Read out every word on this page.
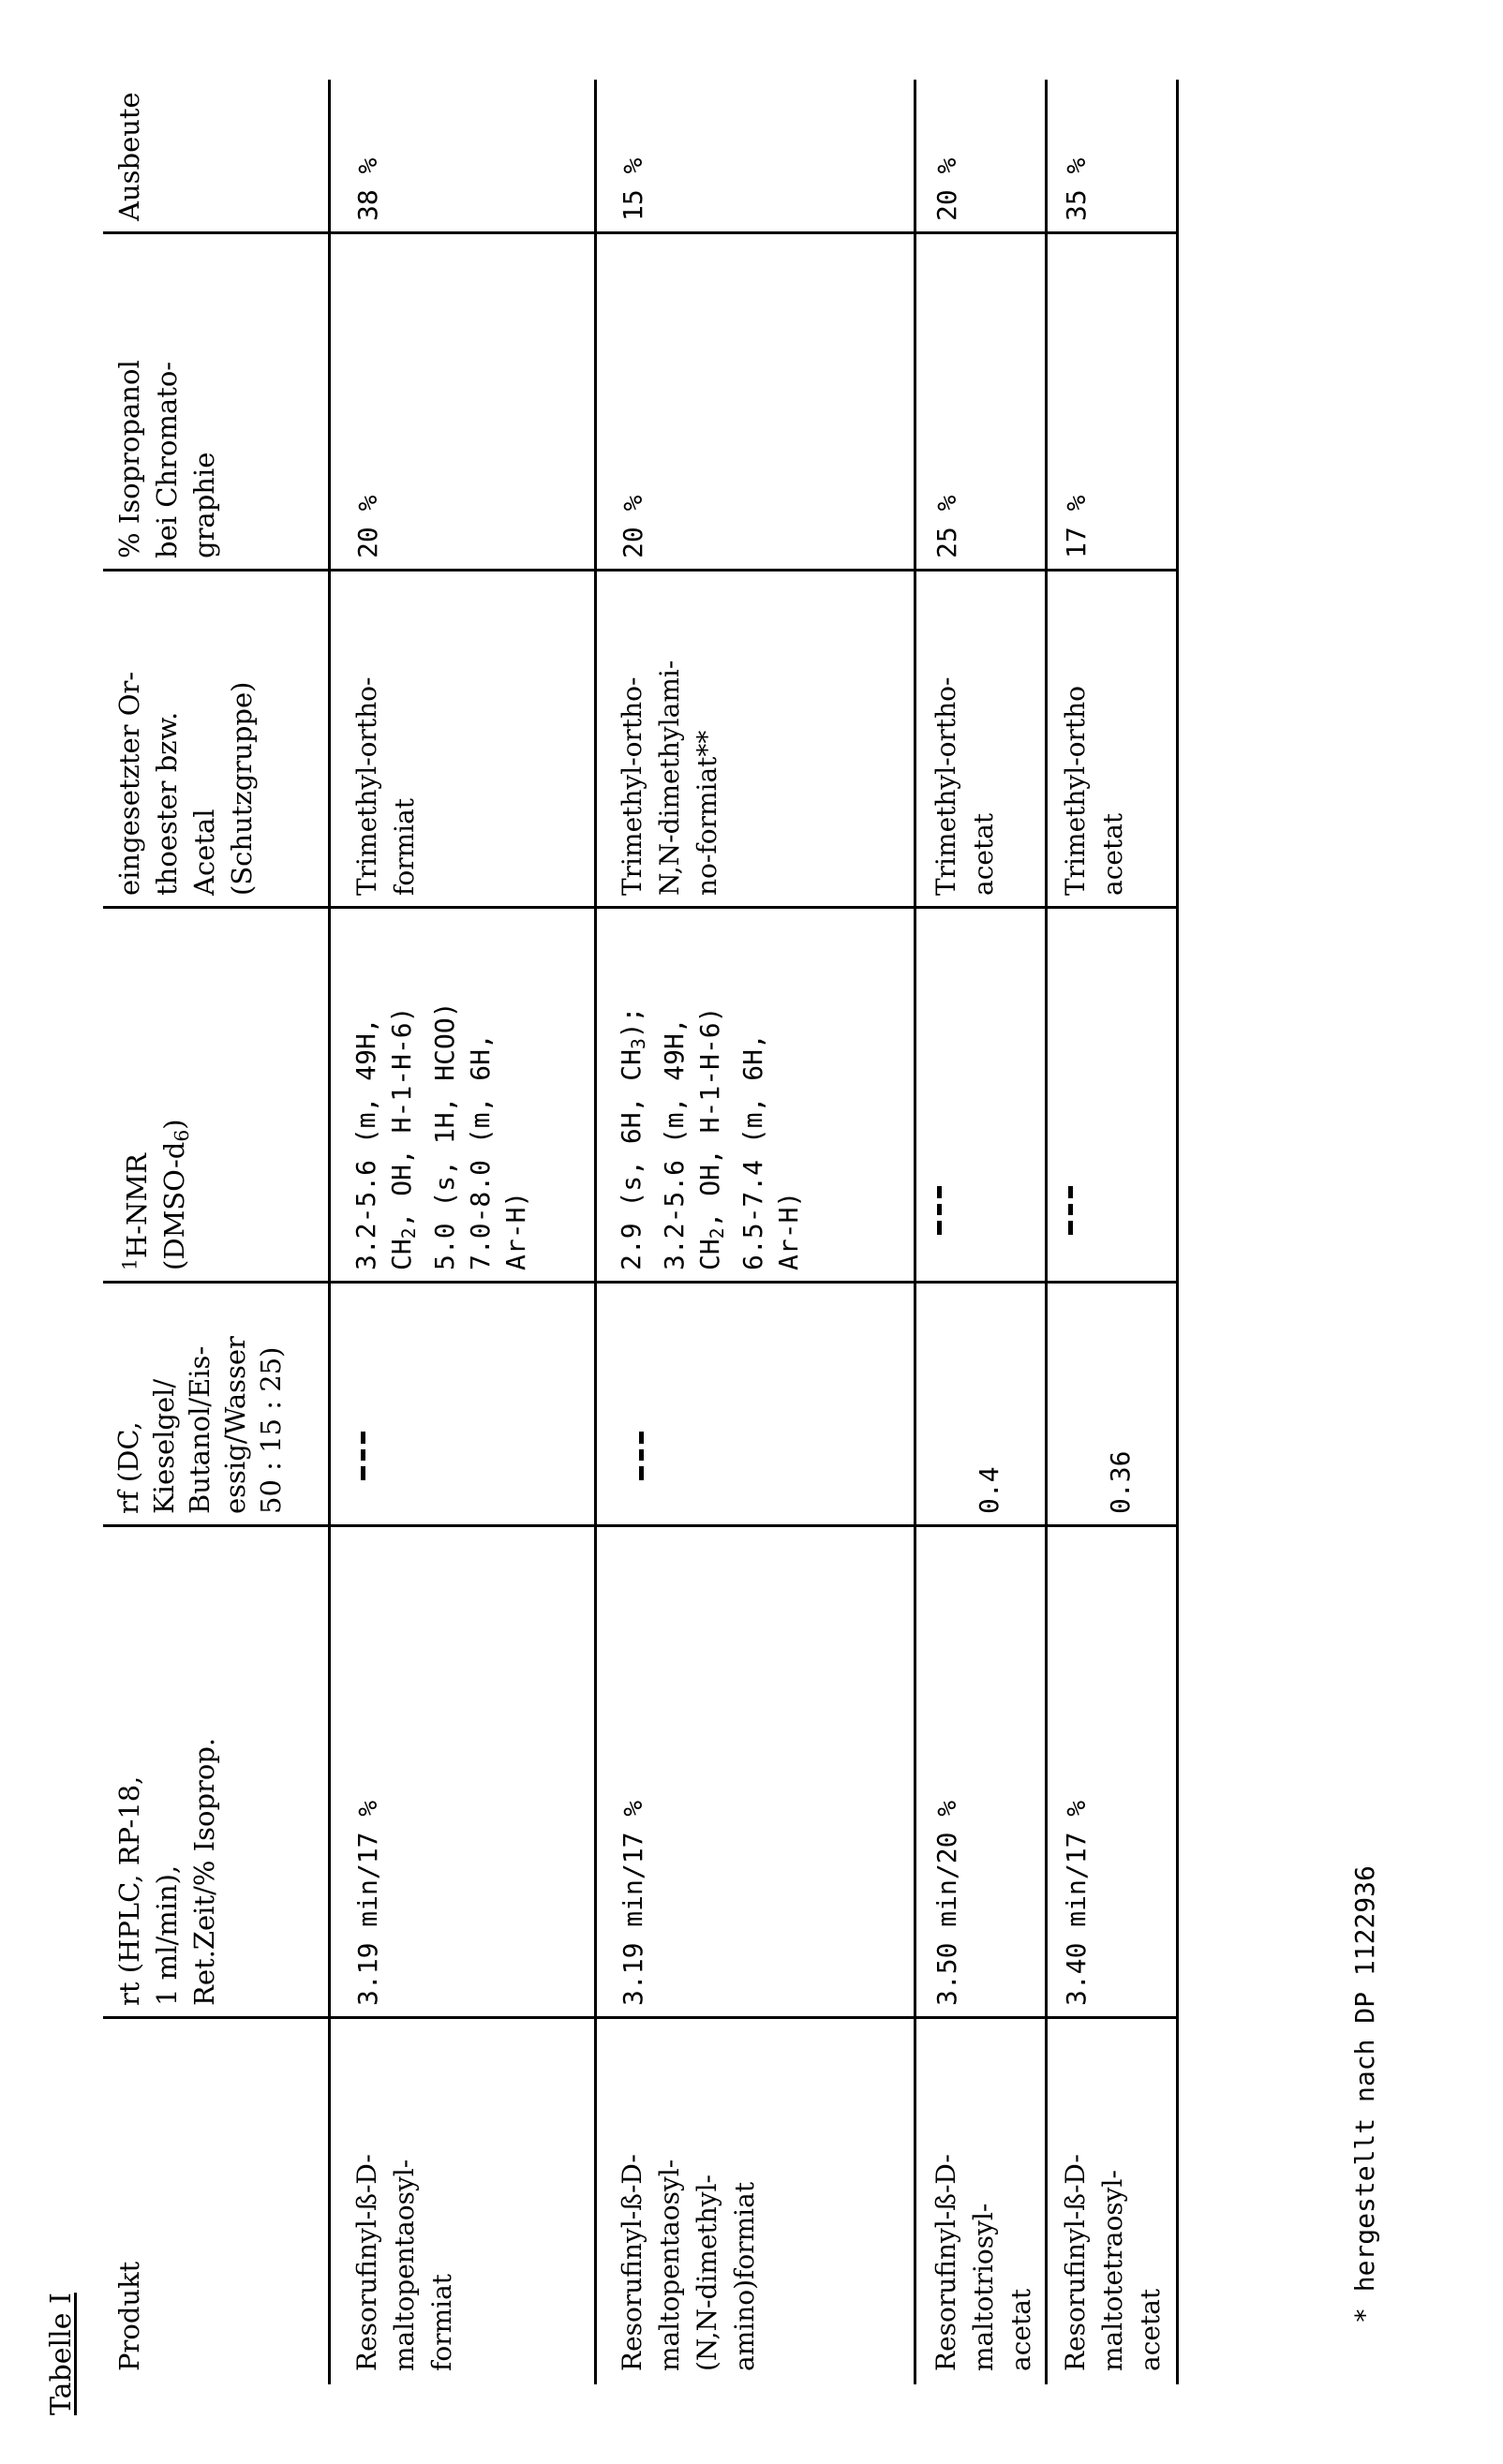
Tabelle I Produkt
rt (HPLC, RP-18,
1 ml/min),
Ret.Zeit/% Isoprop.
rf (DC,
Kieselgel/
Butanol/Eis-
essig/Wasser
50 : 15 : 25)
$^1$H-NMR $(DMSO-d_6)$
eingesetzter Or-
thoester bzw.
Acetal
(Schutzgruppe)
% Isopropanol
bei Chromato-
graphie
Ausbeute
Resorufinyl-ß-D-
maltopentaosyl-
formiat
3.19 min/17 %
3.2-5.6 (m, 49H, $CH_2$, OH, H-1-H-6) 5.0 (s, 1H, HCOO) 7.0-8.0 (m, 6H, Ar-H)
Trimethyl-ortho-
formiat
20 %
38 %
Resorufinyl-ß-D-
maltopentaosyl-
(N,N-dimethyl-
amino)formiat
3.19 min/17 %
2.9 (s, 6H, $CH_3$); 3.2-5.6 (m, 49H, $CH_2$, OH, H-1-H-6) 6.5-7.4 (m, 6H, Ar-H)
Trimethyl-ortho-
N,N-dimethylami-
no-formiat**
20 %
15 %
Resorufinyl-ß-D-
maltotriosyl-
acetat
3.50 min/20 %
0.4
Trimethyl-ortho-
acetat
25 %
20 %
Resorufinyl-ß-D-
maltotetraosyl-
acetat
3.40 min/17 %
0.36
Trimethyl-ortho
acetat
17 %
35 %
* hergestellt nach DP 1122936
